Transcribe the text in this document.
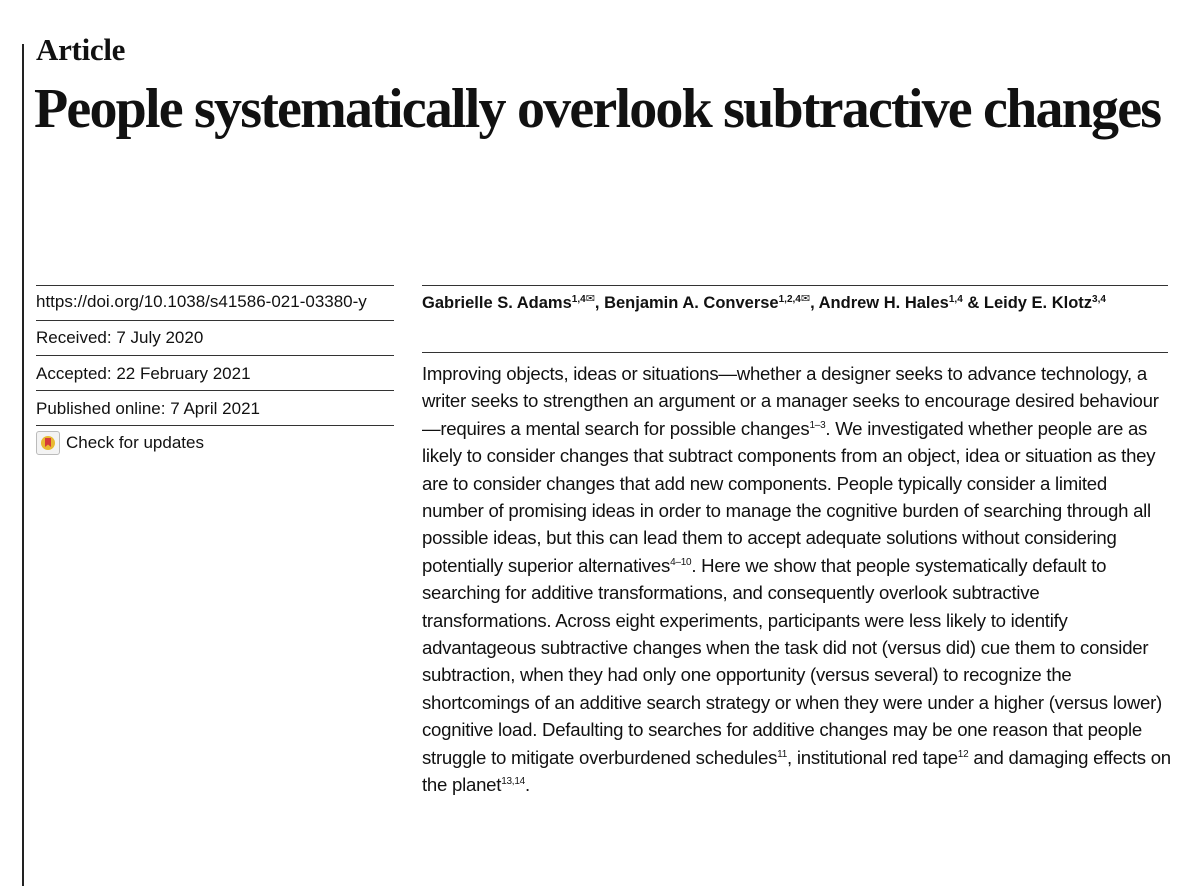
Article
People systematically overlook subtractive changes
https://doi.org/10.1038/s41586-021-03380-y
Received: 7 July 2020
Accepted: 22 February 2021
Published online: 7 April 2021
Check for updates
Gabrielle S. Adams$^{1,4✉}$, Benjamin A. Converse$^{1,2,4✉}$, Andrew H. Hales$^{1,4}$ & Leidy E. Klotz$^{3,4}$

Improving objects, ideas or situations—whether a designer seeks to advance technology, a writer seeks to strengthen an argument or a manager seeks to encourage desired behaviour—requires a mental search for possible changes$^{1-3}$. We investigated whether people are as likely to consider changes that subtract components from an object, idea or situation as they are to consider changes that add new components. People typically consider a limited number of promising ideas in order to manage the cognitive burden of searching through all possible ideas, but this can lead them to accept adequate solutions without considering potentially superior alternatives$^{4-10}$. Here we show that people systematically default to searching for additive transformations, and consequently overlook subtractive transformations. Across eight experiments, participants were less likely to identify advantageous subtractive changes when the task did not (versus did) cue them to consider subtraction, when they had only one opportunity (versus several) to recognize the shortcomings of an additive search strategy or when they were under a higher (versus lower) cognitive load. Defaulting to searches for additive changes may be one reason that people struggle to mitigate overburdened schedules$^{11}$, institutional red tape$^{12}$ and damaging effects on the planet$^{13,14}$.
